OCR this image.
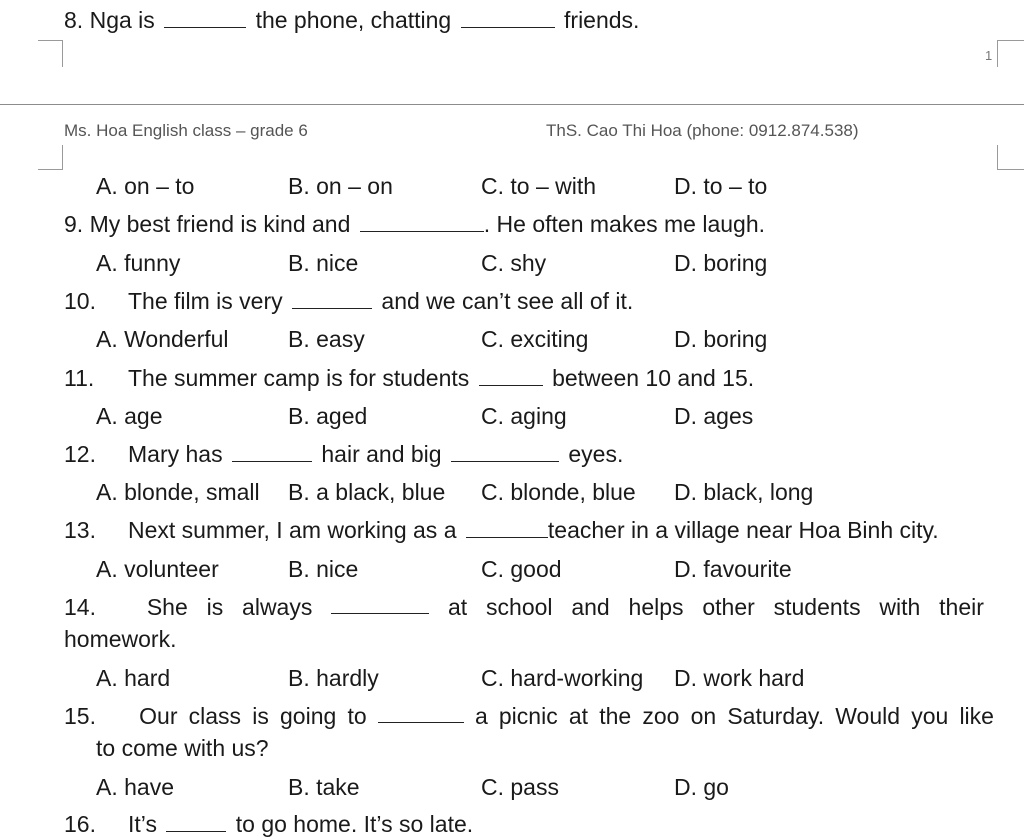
8. Nga is	the phone, chatting	friends.
1
Ms. Hoa English class – grade 6	ThS. Cao Thi Hoa (phone: 0912.874.538)
A. on – to	B. on – on	C. to – with	D. to – to
9. My best friend is kind and	. He often makes me laugh.
A. funny	B. nice	C. shy	D. boring
10. The film is very	and we can’t see all of it.
A. Wonderful	B. easy	C. exciting	D. boring
11. The summer camp is for students	between 10 and 15.
A. age	B. aged	C. aging	D. ages
12. Mary has	hair and big	eyes.
A. blonde, small B. a black, blue C. blonde, blue D. black, long
13. Next summer, I am working as a	teacher in a village near Hoa Binh city.
A. volunteer	B. nice	C. good	D. favourite
14.	She is always	at school and helps other students with their
homework.
A. hard	B. hardly	C. hard-working D. work hard
15.	Our class is going to	a picnic at the zoo on Saturday. Would you like
to come with us?
A. have	B. take	C. pass	D. go
16. It’s	to go home. It’s so late.
